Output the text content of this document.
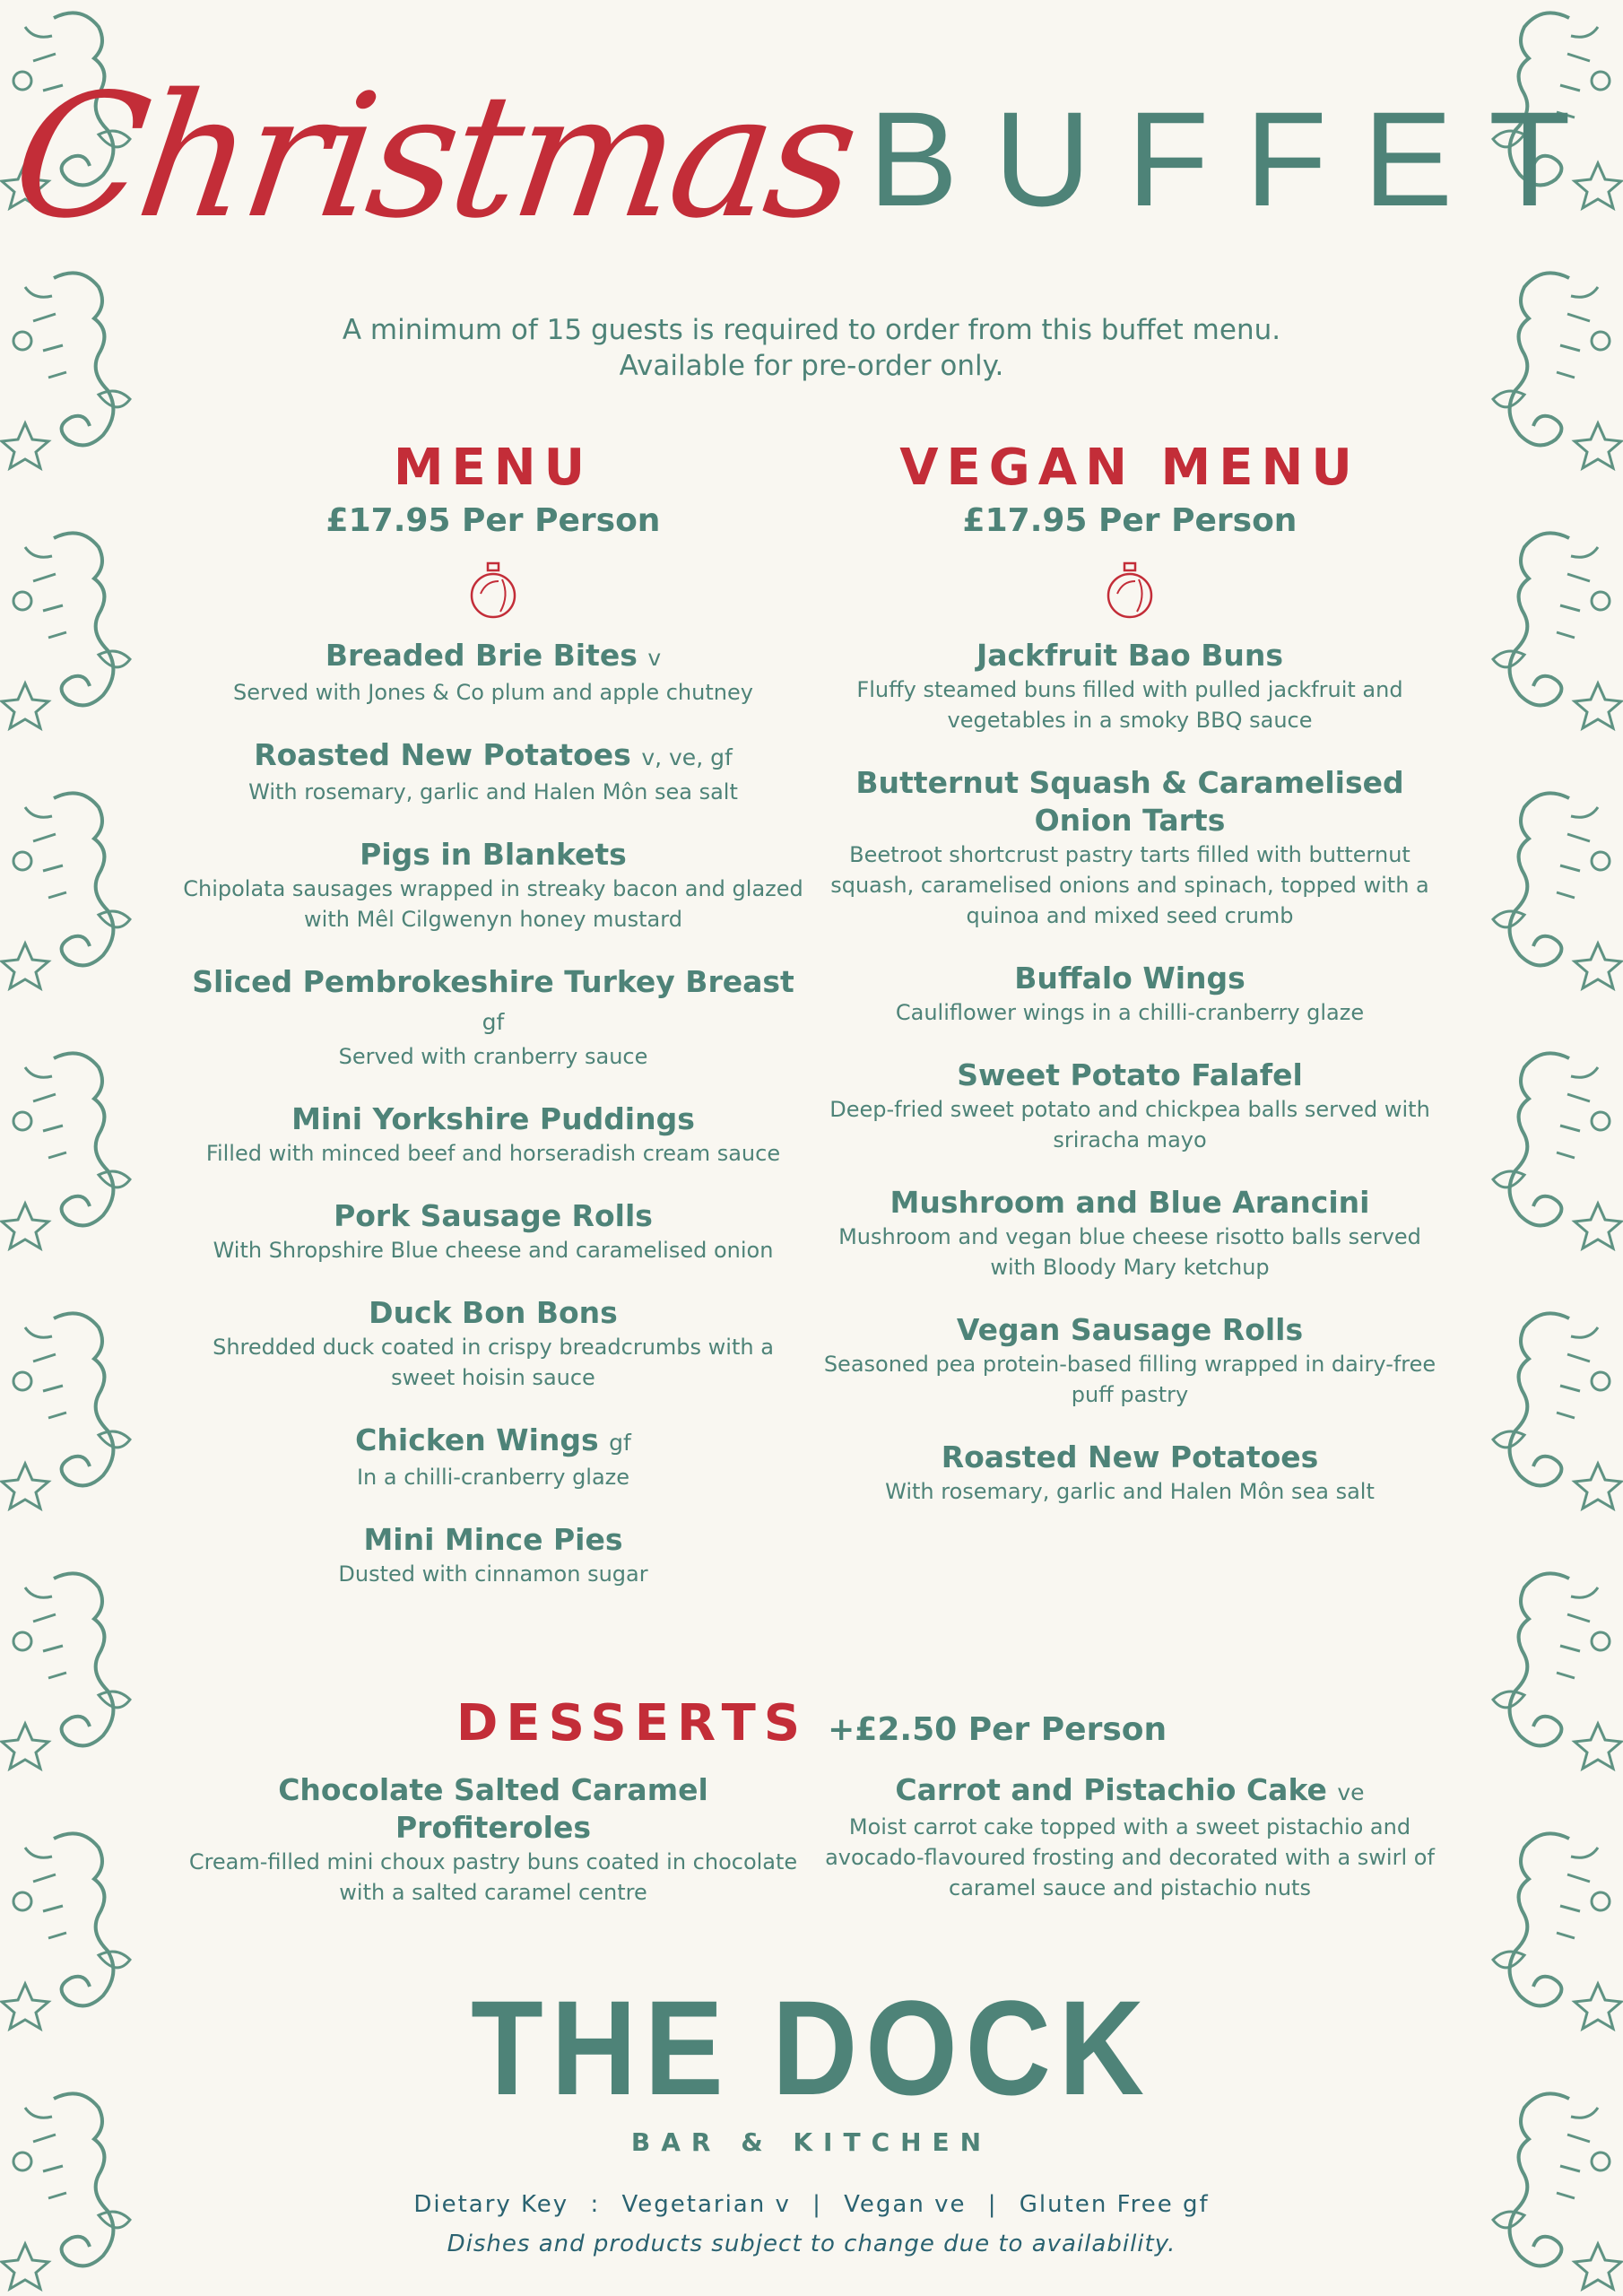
Christmas BUFFET
A minimum of 15 guests is required to order from this buffet menu.
Available for pre-order only.
MENU
£17.95 Per Person
Breaded Brie Bites v
Served with Jones & Co plum and apple chutney
Roasted New Potatoes v, ve, gf
With rosemary, garlic and Halen Môn sea salt
Pigs in Blankets
Chipolata sausages wrapped in streaky bacon and glazed with Mêl Cilgwenyn honey mustard
Sliced Pembrokeshire Turkey Breast gf
Served with cranberry sauce
Mini Yorkshire Puddings
Filled with minced beef and horseradish cream sauce
Pork Sausage Rolls
With Shropshire Blue cheese and caramelised onion
Duck Bon Bons
Shredded duck coated in crispy breadcrumbs with a sweet hoisin sauce
Chicken Wings gf
In a chilli-cranberry glaze
Mini Mince Pies
Dusted with cinnamon sugar
VEGAN MENU
£17.95 Per Person
Jackfruit Bao Buns
Fluffy steamed buns filled with pulled jackfruit and vegetables in a smoky BBQ sauce
Butternut Squash & Caramelised Onion Tarts
Beetroot shortcrust pastry tarts filled with butternut squash, caramelised onions and spinach, topped with a quinoa and mixed seed crumb
Buffalo Wings
Cauliflower wings in a chilli-cranberry glaze
Sweet Potato Falafel
Deep-fried sweet potato and chickpea balls served with sriracha mayo
Mushroom and Blue Arancini
Mushroom and vegan blue cheese risotto balls served with Bloody Mary ketchup
Vegan Sausage Rolls
Seasoned pea protein-based filling wrapped in dairy-free puff pastry
Roasted New Potatoes
With rosemary, garlic and Halen Môn sea salt
DESSERTS +£2.50 Per Person
Chocolate Salted Caramel Profiteroles
Cream-filled mini choux pastry buns coated in chocolate with a salted caramel centre
Carrot and Pistachio Cake ve
Moist carrot cake topped with a sweet pistachio and avocado-flavoured frosting and decorated with a swirl of caramel sauce and pistachio nuts
THE DOCK
BAR & KITCHEN
Dietary Key : Vegetarian v | Vegan ve | Gluten Free gf
Dishes and products subject to change due to availability.
